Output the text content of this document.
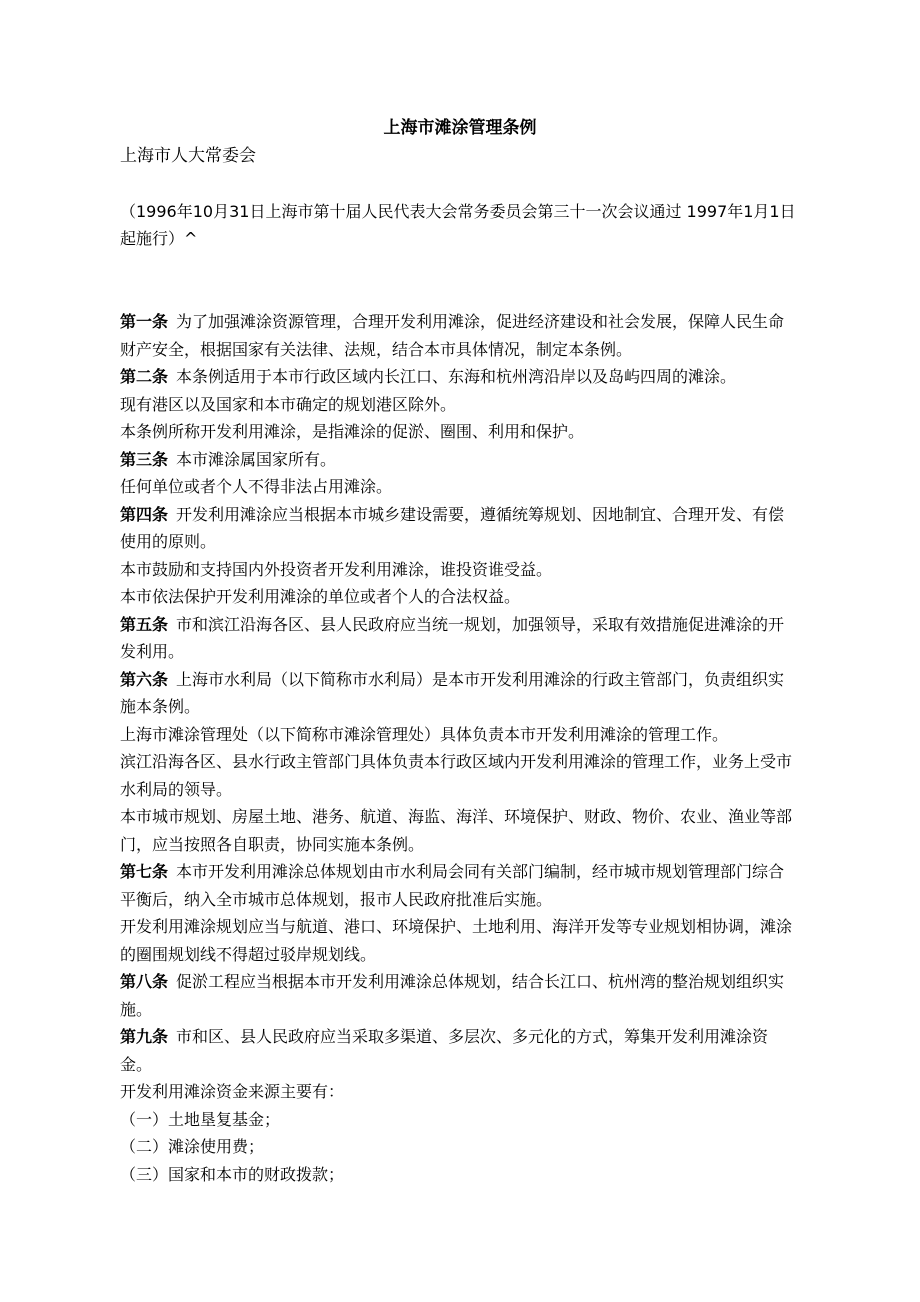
上海市滩涂管理条例
上海市人大常委会
（1996年10月31日上海市第十届人民代表大会常务委员会第三十一次会议通过 1997年1月1日起施行）^

第一条 为了加强滩涂资源管理，合理开发利用滩涂，促进经济建设和社会发展，保障人民生命财产安全，根据国家有关法律、法规，结合本市具体情况，制定本条例。

第二条 本条例适用于本市行政区域内长江口、东海和杭州湾沿岸以及岛屿四周的滩涂。

现有港区以及国家和本市确定的规划港区除外。

本条例所称开发利用滩涂，是指滩涂的促淤、圈围、利用和保护。

第三条 本市滩涂属国家所有。

任何单位或者个人不得非法占用滩涂。

第四条 开发利用滩涂应当根据本市城乡建设需要，遵循统筹规划、因地制宜、合理开发、有偿使用的原则。

本市鼓励和支持国内外投资者开发利用滩涂，谁投资谁受益。

本市依法保护开发利用滩涂的单位或者个人的合法权益。

第五条 市和滨江沿海各区、县人民政府应当统一规划，加强领导，采取有效措施促进滩涂的开发利用。

第六条 上海市水利局（以下简称市水利局）是本市开发利用滩涂的行政主管部门，负责组织实施本条例。

上海市滩涂管理处（以下简称市滩涂管理处）具体负责本市开发利用滩涂的管理工作。

滨江沿海各区、县水行政主管部门具体负责本行政区域内开发利用滩涂的管理工作，业务上受市水利局的领导。

本市城市规划、房屋土地、港务、航道、海监、海洋、环境保护、财政、物价、农业、渔业等部门，应当按照各自职责，协同实施本条例。

第七条 本市开发利用滩涂总体规划由市水利局会同有关部门编制，经市城市规划管理部门综合平衡后，纳入全市城市总体规划，报市人民政府批准后实施。

开发利用滩涂规划应当与航道、港口、环境保护、土地利用、海洋开发等专业规划相协调，滩涂的圈围规划线不得超过驳岸规划线。

第八条 促淤工程应当根据本市开发利用滩涂总体规划，结合长江口、杭州湾的整治规划组织实施。

第九条 市和区、县人民政府应当采取多渠道、多层次、多元化的方式，筹集开发利用滩涂资金。

开发利用滩涂资金来源主要有：

（一）土地垦复基金；

（二）滩涂使用费；

（三）国家和本市的财政拨款；
